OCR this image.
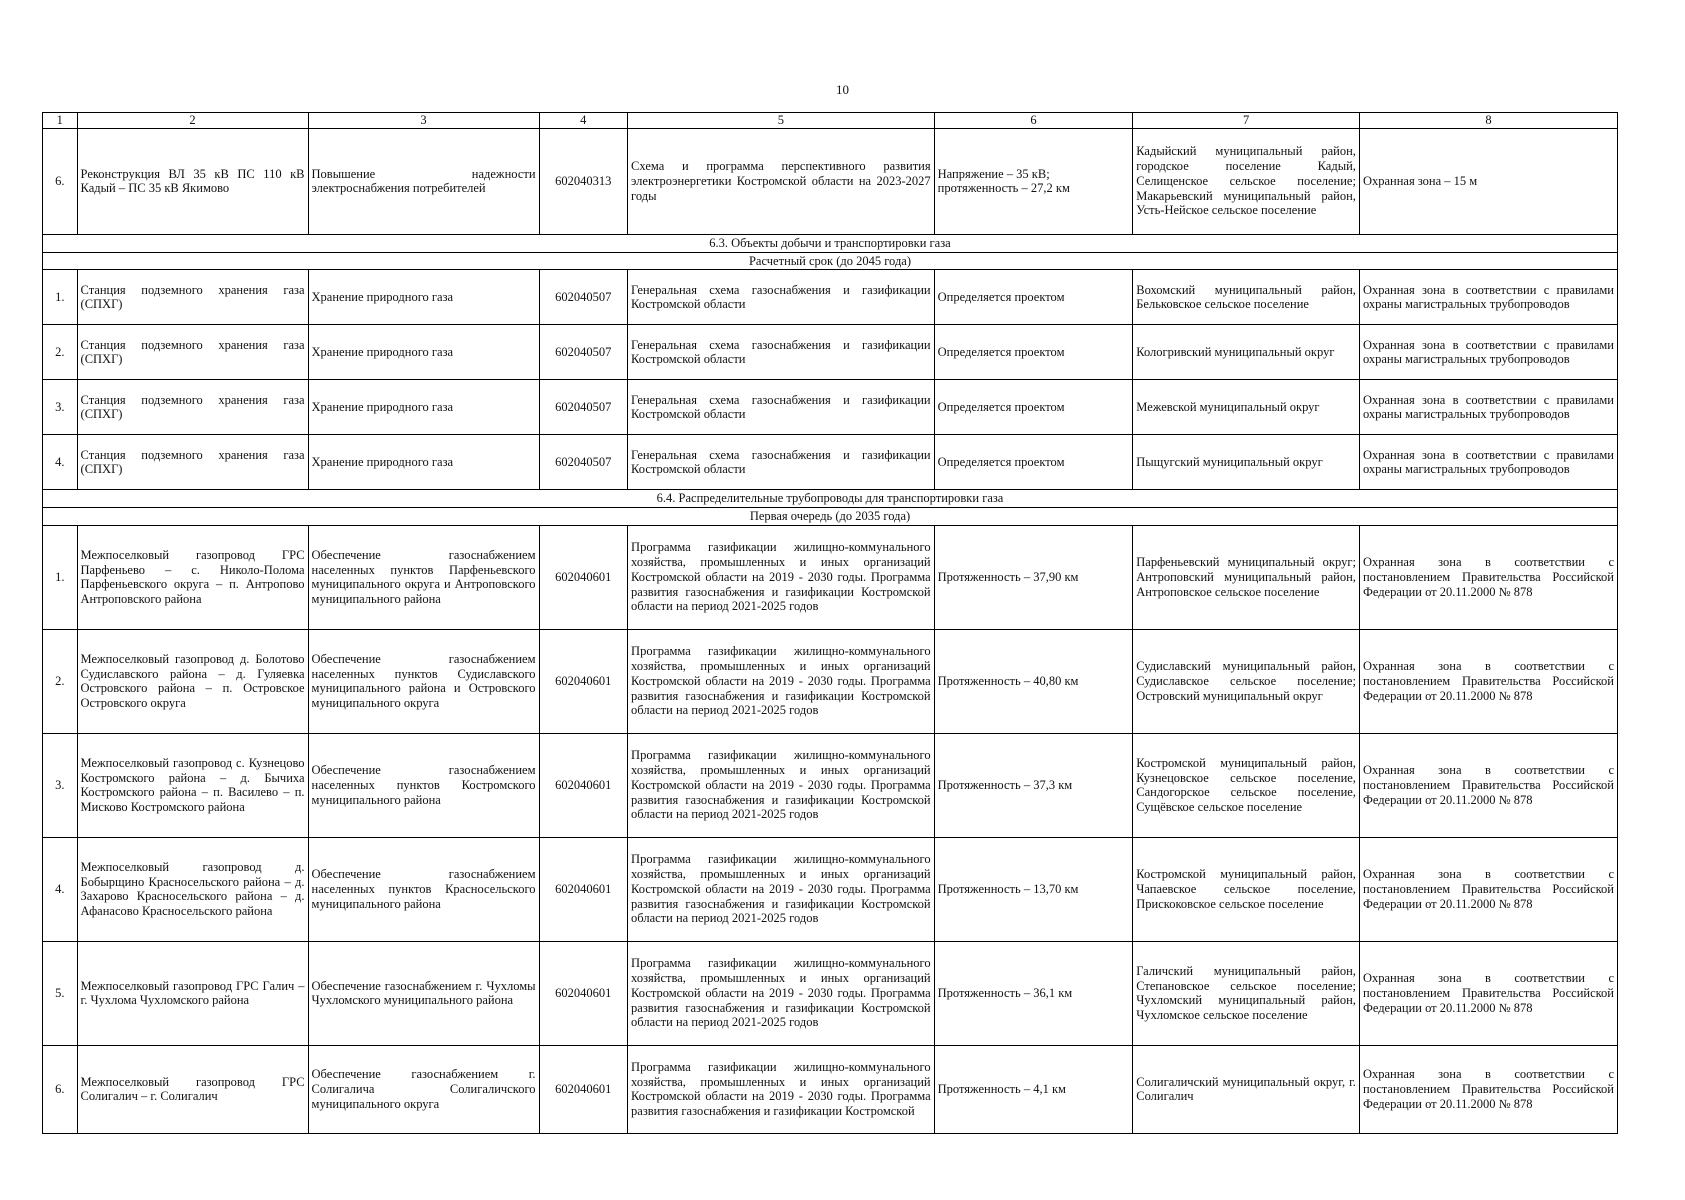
10
1	2	3	4	5	6	7	8
6.	Реконструкция ВЛ 35 кВ ПС 110 кВ Кадый – ПС 35 кВ Якимово	Повышение надежности электроснабжения потребителей	602040313	Схема и программа перспективного развития электроэнергетики Костромской области на 2023-2027 годы	Напряжение – 35 кВ; протяженность – 27,2 км	Кадыйский муниципальный район, городское поселение Кадый, Селищенское сельское поселение; Макарьевский муниципальный район, Усть-Нейское сельское поселение	Охранная зона – 15 м
6.3. Объекты добычи и транспортировки газа							
Расчетный срок (до 2045 года)							
1.	Станция подземного хранения газа (СПХГ)	Хранение природного газа	602040507	Генеральная схема газоснабжения и газификации Костромской области	Определяется проектом	Вохомский муниципальный район, Бельковское сельское поселение	Охранная зона в соответствии с правилами охраны магистральных трубопроводов
2.	Станция подземного хранения газа (СПХГ)	Хранение природного газа	602040507	Генеральная схема газоснабжения и газификации Костромской области	Определяется проектом	Кологривский муниципальный округ	Охранная зона в соответствии с правилами охраны магистральных трубопроводов
3.	Станция подземного хранения газа (СПХГ)	Хранение природного газа	602040507	Генеральная схема газоснабжения и газификации Костромской области	Определяется проектом	Межевской муниципальный округ	Охранная зона в соответствии с правилами охраны магистральных трубопроводов
4.	Станция подземного хранения газа (СПХГ)	Хранение природного газа	602040507	Генеральная схема газоснабжения и газификации Костромской области	Определяется проектом	Пыщугский муниципальный округ	Охранная зона в соответствии с правилами охраны магистральных трубопроводов
6.4. Распределительные трубопроводы для транспортировки газа							
Первая очередь (до 2035 года)							
1.	Межпоселковый газопровод ГРС Парфеньево – с. Николо-Полома Парфеньевского округа – п. Антропово Антроповского района	Обеспечение газоснабжением населенных пунктов Парфеньевского муниципального округа и Антроповского муниципального района	602040601	Программа газификации жилищно-коммунального хозяйства, промышленных и иных организаций Костромской области на 2019 - 2030 годы. Программа развития газоснабжения и газификации Костромской области на период 2021-2025 годов	Протяженность – 37,90 км	Парфеньевский муниципальный округ; Антроповский муниципальный район, Антроповское сельское поселение	Охранная зона в соответствии с постановлением Правительства Российской Федерации от 20.11.2000 № 878
2.	Межпоселковый газопровод д. Болотово Судиславского района – д. Гуляевка Островского района – п. Островское Островского округа	Обеспечение газоснабжением населенных пунктов Судиславского муниципального района и Островского муниципального округа	602040601	Программа газификации жилищно-коммунального хозяйства, промышленных и иных организаций Костромской области на 2019 - 2030 годы. Программа развития газоснабжения и газификации Костромской области на период 2021-2025 годов	Протяженность – 40,80 км	Судиславский муниципальный район, Судиславское сельское поселение; Островский муниципальный округ	Охранная зона в соответствии с постановлением Правительства Российской Федерации от 20.11.2000 № 878
3.	Межпоселковый газопровод с. Кузнецово Костромского района – д. Бычиха Костромского района – п. Василево – п. Мисково Костромского района	Обеспечение газоснабжением населенных пунктов Костромского муниципального района	602040601	Программа газификации жилищно-коммунального хозяйства, промышленных и иных организаций Костромской области на 2019 - 2030 годы. Программа развития газоснабжения и газификации Костромской области на период 2021-2025 годов	Протяженность – 37,3 км	Костромской муниципальный район, Кузнецовское сельское поселение, Сандогорское сельское поселение, Сущёвское сельское поселение	Охранная зона в соответствии с постановлением Правительства Российской Федерации от 20.11.2000 № 878
4.	Межпоселковый газопровод д. Бобырщино Красносельского района – д. Захарово Красносельского района – д. Афанасово Красносельского района	Обеспечение газоснабжением населенных пунктов Красносельского муниципального района	602040601	Программа газификации жилищно-коммунального хозяйства, промышленных и иных организаций Костромской области на 2019 - 2030 годы. Программа развития газоснабжения и газификации Костромской области на период 2021-2025 годов	Протяженность – 13,70 км	Костромской муниципальный район, Чапаевское сельское поселение, Прискоковское сельское поселение	Охранная зона в соответствии с постановлением Правительства Российской Федерации от 20.11.2000 № 878
5.	Межпоселковый газопровод ГРС Галич – г. Чухлома Чухломского района	Обеспечение газоснабжением г. Чухломы Чухломского муниципального района	602040601	Программа газификации жилищно-коммунального хозяйства, промышленных и иных организаций Костромской области на 2019 - 2030 годы. Программа развития газоснабжения и газификации Костромской области на период 2021-2025 годов	Протяженность – 36,1 км	Галичский муниципальный район, Степановское сельское поселение; Чухломский муниципальный район, Чухломское сельское поселение	Охранная зона в соответствии с постановлением Правительства Российской Федерации от 20.11.2000 № 878
6.	Межпоселковый газопровод ГРС Солигалич – г. Солигалич	Обеспечение газоснабжением г. Солигалича Солигаличского муниципального округа	602040601	Программа газификации жилищно-коммунального хозяйства, промышленных и иных организаций Костромской области на 2019 - 2030 годы. Программа развития газоснабжения и газификации Костромской	Протяженность – 4,1 км	Солигаличский муниципальный округ, г. Солигалич	Охранная зона в соответствии с постановлением Правительства Российской Федерации от 20.11.2000 № 878
